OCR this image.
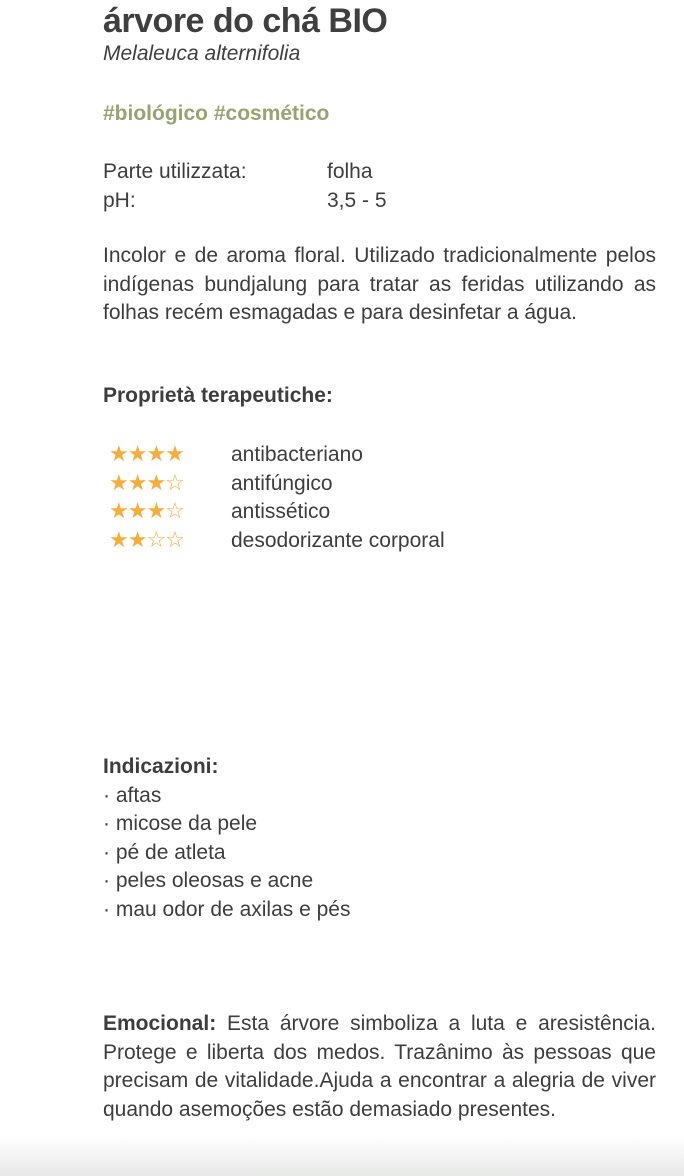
árvore do chá BIO
Melaleuca alternifolia
#biológico #cosmético
Parte utilizzata:	folha
pH:	3,5 - 5

Incolor e de aroma floral. Utilizado tradicionalmente pelos indígenas bundjalung para tratar as feridas utilizando as folhas recém esmagadas e para desinfetar a água.

Proprietà terapeutiche:
★★★★	antibacteriano
★★★☆	antifúngico
★★★☆	antissético
★★☆☆	desodorizante corporal
Indicazioni:
· aftas
· micose da pele
· pé de atleta
· peles oleosas e acne
· mau odor de axilas e pés

Emocional: Esta árvore simboliza a luta e aresistência. Protege e liberta dos medos. Trazânimo às pessoas que precisam de vitalidade.Ajuda a encontrar a alegria de viver quando asemoções estão demasiado presentes.
